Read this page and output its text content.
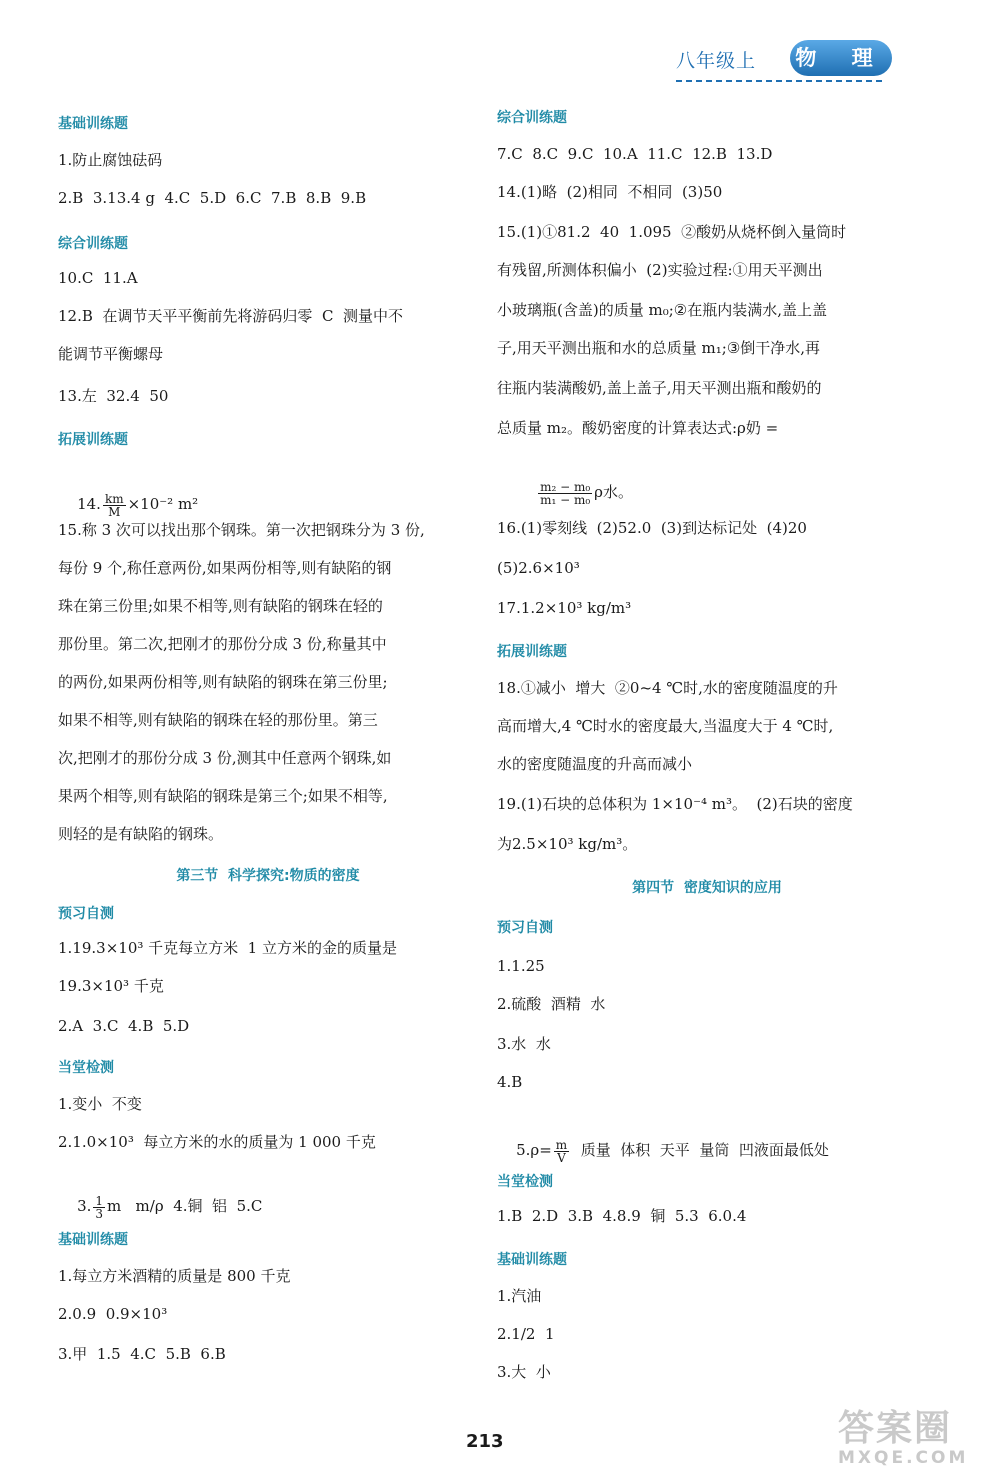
八年级上 物 理
基础训练题
1.防止腐蚀砝码
2.B  3.13.4 g  4.C  5.D  6.C  7.B  8.B  9.B
综合训练题
10.C  11.A
12.B  在调节天平平衡前先将游码归零  C  测量中不
能调节平衡螺母
13.左  32.4  50
拓展训练题

14. $\frac{km}{M} \times 10^{-2}$ m²

15.称 3 次可以找出那个钢珠。第一次把钢珠分为 3 份,
每份 9 个,称任意两份,如果两份相等,则有缺陷的钢
珠在第三份里;如果不相等,则有缺陷的钢珠在轻的
那份里。第二次,把刚才的那份分成 3 份,称量其中
的两份,如果两份相等,则有缺陷的钢珠在第三份里;
如果不相等,则有缺陷的钢珠在轻的那份里。第三
次,把刚才的那份分成 3 份,测其中任意两个钢珠,如
果两个相等,则有缺陷的钢珠是第三个;如果不相等,
则轻的是有缺陷的钢珠。
第三节  科学探究:物质的密度
预习自测
1.19.3×10³ 千克每立方米  1 立方米的金的质量是
19.3×10³ 千克
2.A  3.C  4.B  5.D
当堂检测
1.变小  不变
2.1.0×10³  每立方米的水的质量为 1 000 千克

3. $\frac{1}{3}$ m   m/ρ  4.铜  铝  5.C

基础训练题
1.每立方米酒精的质量是 800 千克
2.0.9  0.9×10³
3.甲  1.5  4.C  5.B  6.B
综合训练题
7.C  8.C  9.C  10.A  11.C  12.B  13.D
14.(1)略  (2)相同  不相同  (3)50
15.(1)①81.2  40  1.095  ②酸奶从烧杯倒入量筒时
有残留,所测体积偏小  (2)实验过程:①用天平测出
小玻璃瓶(含盖)的质量 m₀;②在瓶内装满水,盖上盖
子,用天平测出瓶和水的总质量 m₁;③倒干净水,再
往瓶内装满酸奶,盖上盖子,用天平测出瓶和酸奶的
总质量 m₂。酸奶密度的计算表达式:ρ奶 =

$\frac{\text{m₂ − m₀}}{\text{m₁ − m₀}}$ ρ水。

16.(1)零刻线  (2)52.0  (3)到达标记处  (4)20
(5)2.6×10³
17.1.2×10³ kg/m³
拓展训练题
18.①减小  增大  ②0~4 ℃时,水的密度随温度的升
高而增大,4 ℃时水的密度最大,当温度大于 4 ℃时,
水的密度随温度的升高而减小
19.(1)石块的总体积为 1×10⁻⁴ m³。  (2)石块的密度
为2.5×10³ kg/m³。
第四节  密度知识的应用
预习自测
1.1.25
2.硫酸  酒精  水
3.水  水
4.B

$5.\rho= \frac{m}{V}$ 质量  体积  天平  量筒  凹液面最低处

当堂检测
1.B  2.D  3.B  4.8.9  铜  5.3  6.0.4
基础训练题
1.汽油
2.1/2  1
3.大  小
213	答案圈
MXQE.COM
